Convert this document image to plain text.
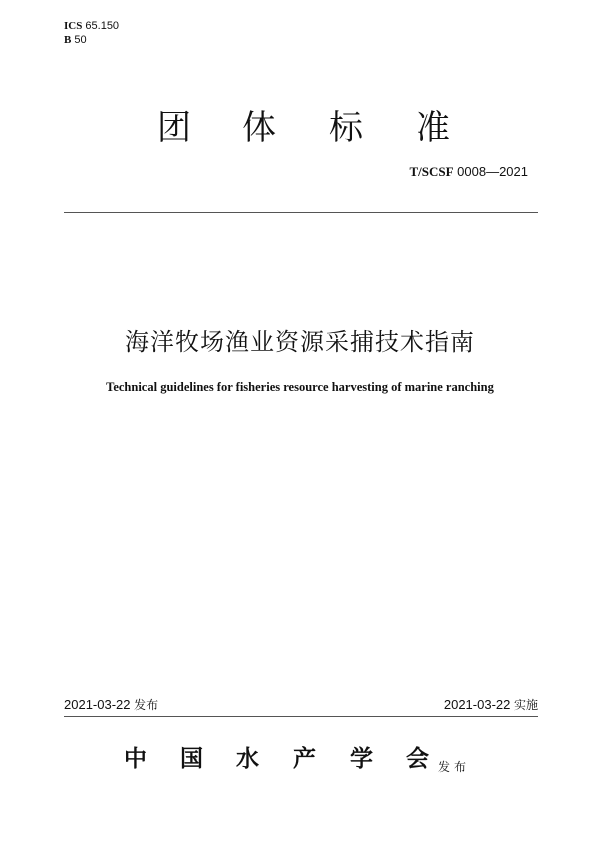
ICS 65.150
B 50
团 体 标 准
T/SCSF 0008—2021
海洋牧场渔业资源采捕技术指南
Technical guidelines for fisheries resource harvesting of marine ranching
2021-03-22 发布	2021-03-22 实施
中 国 水 产 学 会 发布
